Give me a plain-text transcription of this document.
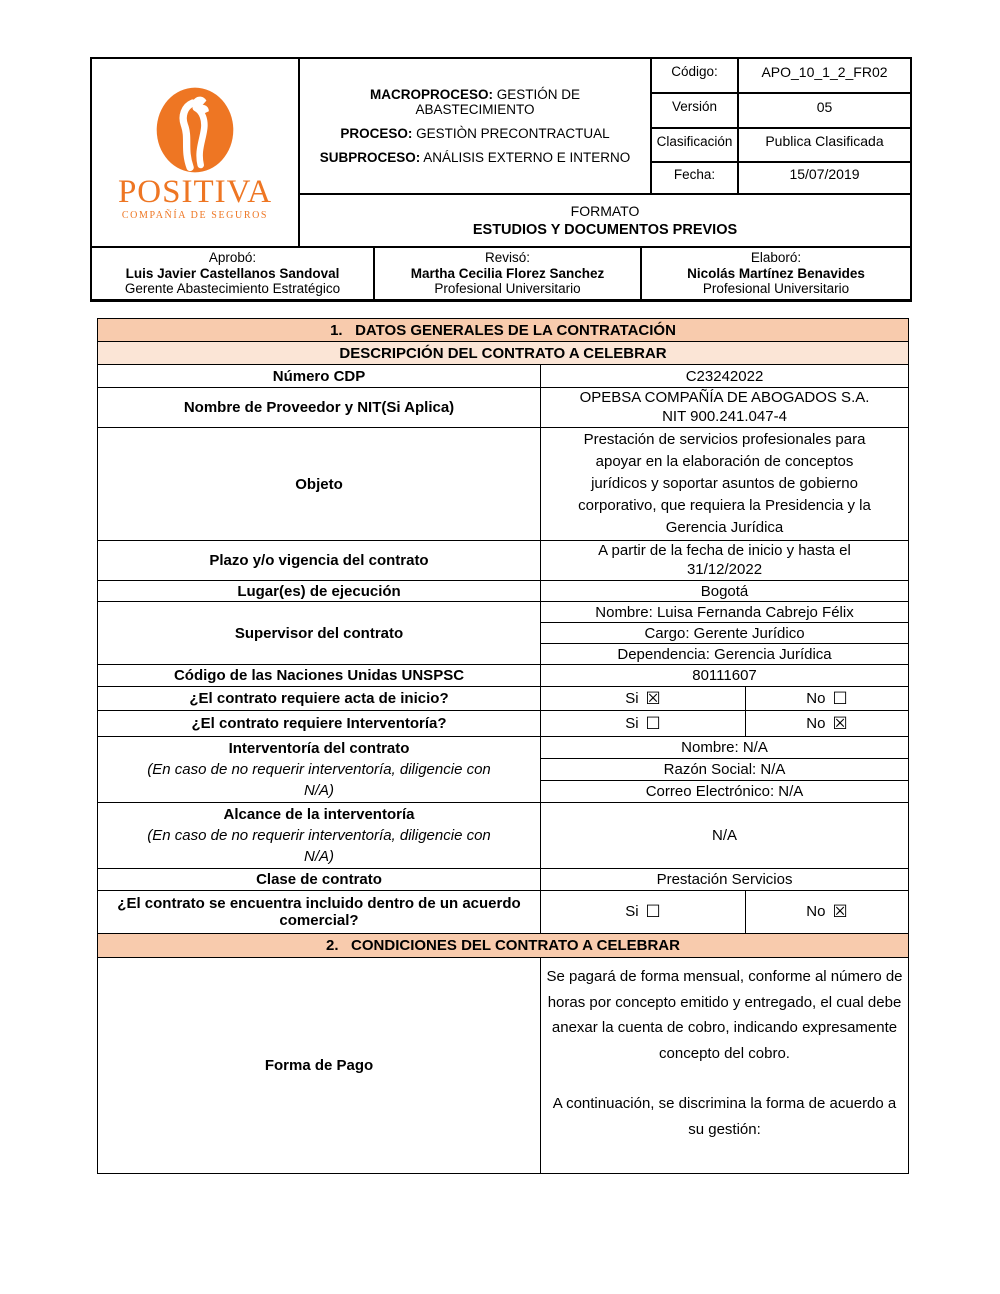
POSITIVA
COMPAÑÍA DE SEGUROS

MACROPROCESO: GESTIÓN DE ABASTECIMIENTO
PROCESO: GESTIÒN PRECONTRACTUAL
SUBPROCESO: ANÁLISIS EXTERNO E INTERNO
	Código:	APO_10_1_2_FR02
		Versión	05
		Clasificación	Publica Clasificada
		Fecha:	15/07/2019

	FORMATO
ESTUDIOS Y DOCUMENTOS PREVIOS		
Aprobó:
Luis Javier Castellanos Sandoval
Gerente Abastecimiento Estratégico

Revisó:
Martha Cecilia Florez Sanchez
Profesional Universitario

Elaboró:
Nicolás Martínez Benavides
Profesional Universitario
1.   DATOS GENERALES DE LA CONTRATACIÓN		
DESCRIPCIÓN DEL CONTRATO A CELEBRAR		
Número CDP	C23242022	
Nombre de Proveedor y NIT(Si Aplica)	OPEBSA COMPAÑÍA DE ABOGADOS S.A.
NIT 900.241.047-4	

Objeto	Prestación de servicios profesionales para
apoyar en la elaboración de conceptos
jurídicos y soportar asuntos de gobierno
corporativo, que requiera la Presidencia y la
Gerencia Jurídica	

Plazo y/o vigencia del contrato	A partir de la fecha de inicio y hasta el
31/12/2022	

Lugar(es) de ejecución	Bogotá	
Supervisor del contrato	Nombre: Luisa Fernanda Cabrejo Félix	
	Cargo: Gerente Jurídico	
	Dependencia: Gerencia Jurídica	
Código de las Naciones Unidas UNSPSC	80111607	
¿El contrato requiere acta de inicio?	Si ☒	No ☐
¿El contrato requiere Interventoría?	Si ☐	No ☒

Interventoría del contrato
(En caso de no requerir interventoría, diligencie con
N/A)	Nombre: N/A	
	Razón Social: N/A	
	Correo Electrónico: N/A	

Alcance de la interventoría
(En caso de no requerir interventoría, diligencie con
N/A)	N/A	
Clase de contrato	Prestación Servicios	
¿El contrato se encuentra incluido dentro de un acuerdo comercial?	Si ☐	No ☒
2.   CONDICIONES DEL CONTRATO A CELEBRAR		
Forma de Pago	Se pagará de forma mensual, conforme al número de horas por concepto emitido y entregado, el cual debe anexar la cuenta de cobro, indicando expresamente concepto del cobro.

A continuación, se discrimina la forma de acuerdo a su gestión:	
